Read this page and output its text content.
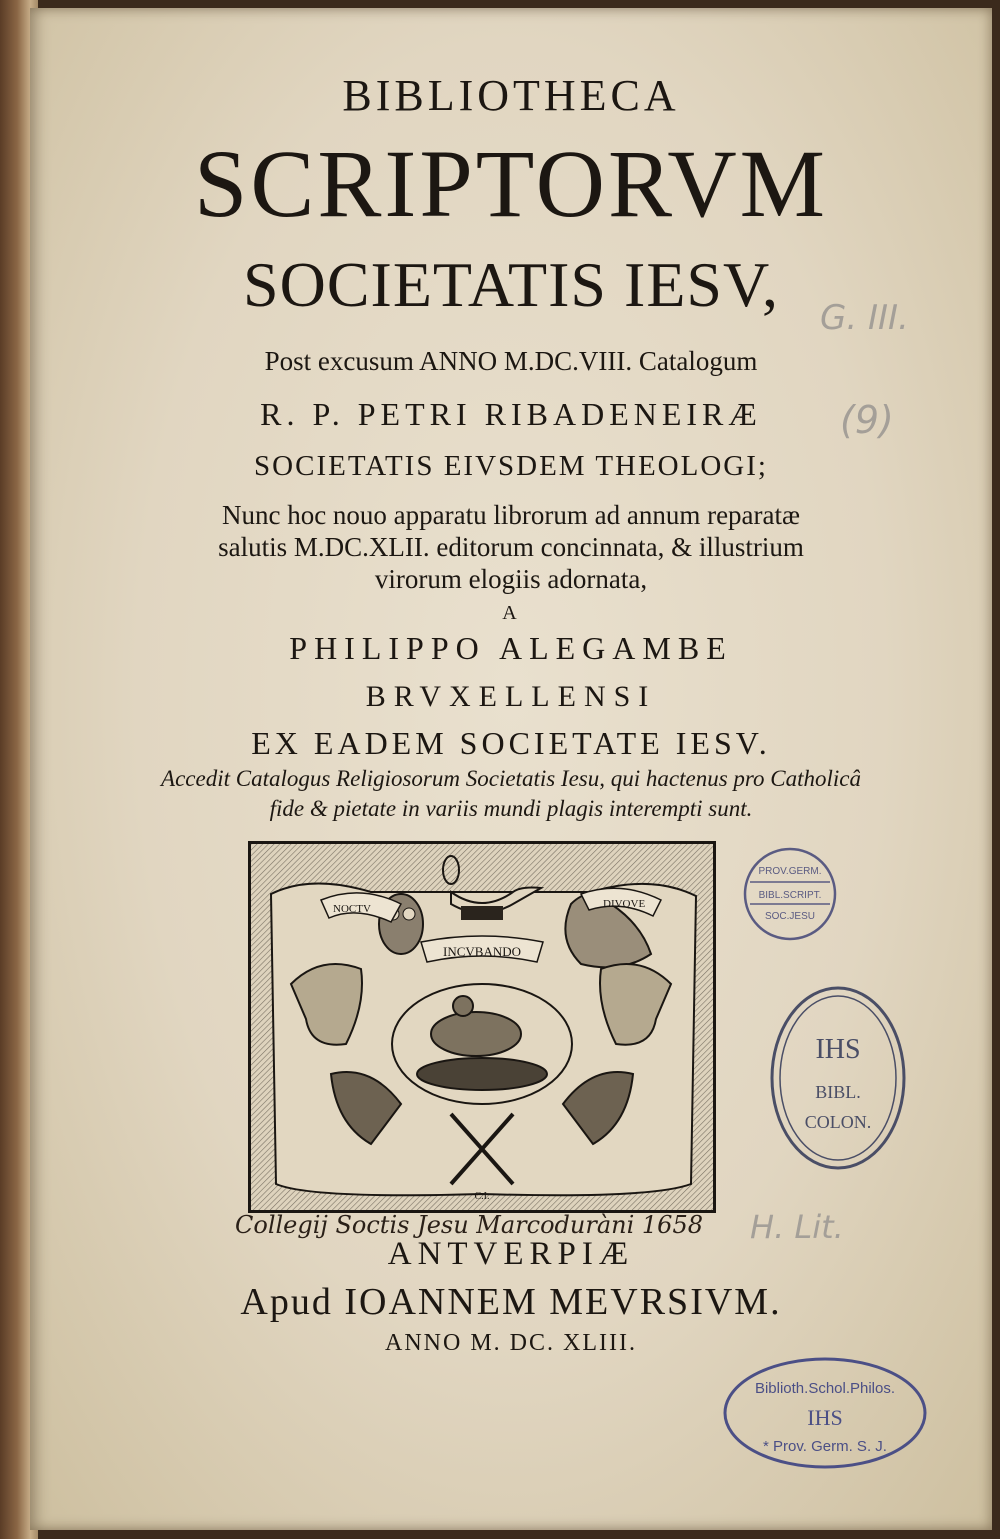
BIBLIOTHECA
SCRIPTORVM
SOCIETATIS IESV,
Post excusum ANNO M.DC.VIII. Catalogum
R. P. PETRI RIBADENEIRÆ
SOCIETATIS EIVSDEM THEOLOGI;
Nunc hoc nouo apparatu librorum ad annum reparatæ
salutis M.DC.XLII. editorum concinnata, & illustrium
virorum elogiis adornata,
A
PHILIPPO ALEGAMBE
BRVXELLENSI
EX EADEM SOCIETATE IESV.
Accedit Catalogus Religiosorum Societatis Iesu, qui hactenus pro Catholicâ
fide & pietate in variis mundi plagis interempti sunt.
NOCTV
INCVBANDO
DIVQVE
C.I.
Collegij Soctis Jesu Marcoduràni 1658
ANTVERPIÆ
Apud IOANNEM MEVRSIVM.
ANNO M. DC. XLIII.
G. III.
(9)
H. Lit.
PROV.GERM.
BIBL.SCRIPT.
SOC.JESU
IHS
BIBL.
COLON.
Biblioth.Schol.Philos.
IHS
* Prov. Germ. S. J.
